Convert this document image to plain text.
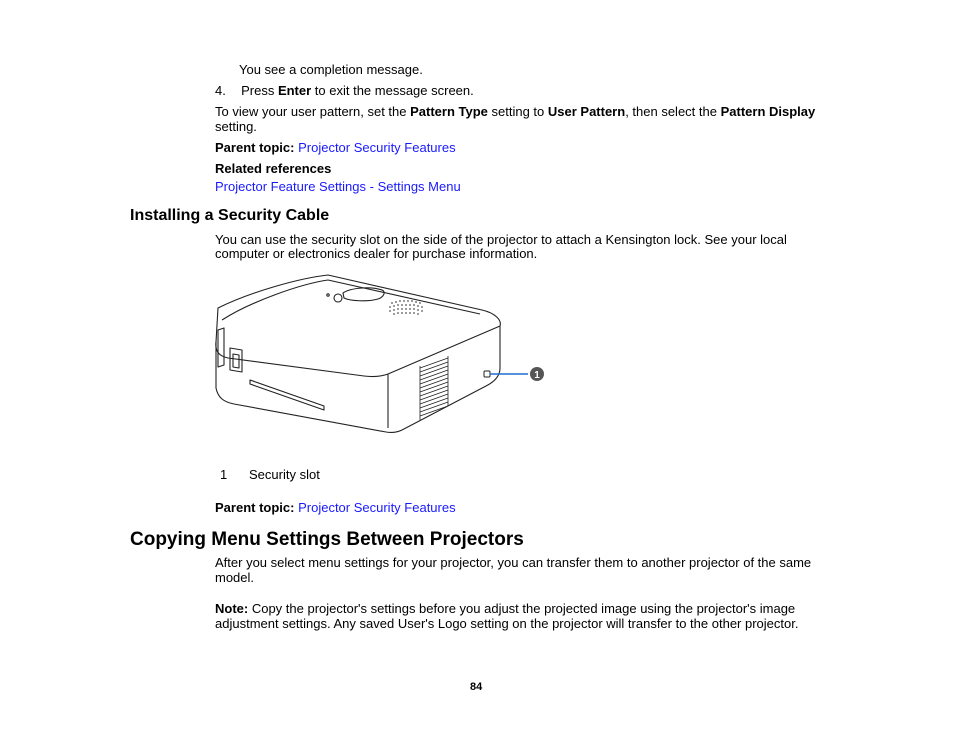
You see a completion message.
4. Press Enter to exit the message screen.
To view your user pattern, set the Pattern Type setting to User Pattern, then select the Pattern Display
setting.
Parent topic: Projector Security Features
Related references
Projector Feature Settings - Settings Menu
Installing a Security Cable
You can use the security slot on the side of the projector to attach a Kensington lock. See your local
computer or electronics dealer for purchase information.
1
1 Security slot
Parent topic: Projector Security Features
Copying Menu Settings Between Projectors
After you select menu settings for your projector, you can transfer them to another projector of the same
model.
Note: Copy the projector's settings before you adjust the projected image using the projector's image
adjustment settings. Any saved User's Logo setting on the projector will transfer to the other projector.
84
